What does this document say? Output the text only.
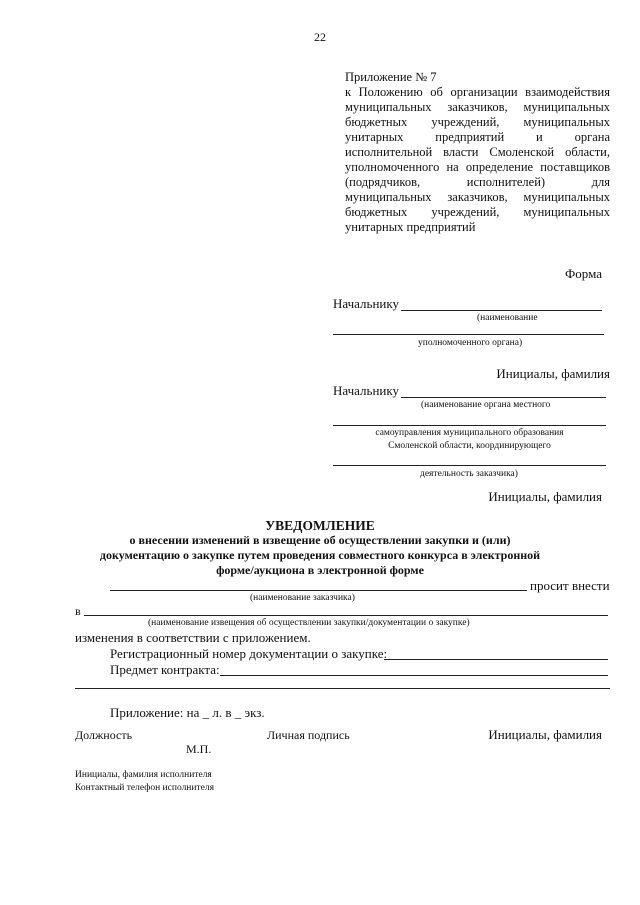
22
Приложение № 7
к Положению об организации взаимодействия
муниципальных заказчиков, муниципальных
бюджетных учреждений, муниципальных
унитарных предприятий и органа
исполнительной власти Смоленской области,
уполномоченного на определение поставщиков
(подрядчиков, исполнителей) для
муниципальных заказчиков, муниципальных
бюджетных учреждений, муниципальных
унитарных предприятий
Форма
Начальнику
(наименование
уполномоченного органа)
Инициалы, фамилия
Начальнику
(наименование органа местного
самоуправления муниципального образования
Смоленской области, координирующего
деятельность заказчика)
Инициалы, фамилия
УВЕДОМЛЕНИЕ
о внесении изменений в извещение об осуществлении закупки и (или)
документацию о закупке путем проведения совместного конкурса в электронной
форме/аукциона в электронной форме
просит внести
(наименование заказчика)
в
(наименование извещения об осуществлении закупки/документации о закупке)
изменения в соответствии с приложением.
Регистрационный номер документации о закупке:
Предмет контракта:
Приложение: на _ л. в _ экз.
Должность	Личная подпись	Инициалы, фамилия
М.П.
Инициалы, фамилия исполнителя
Контактный телефон исполнителя
